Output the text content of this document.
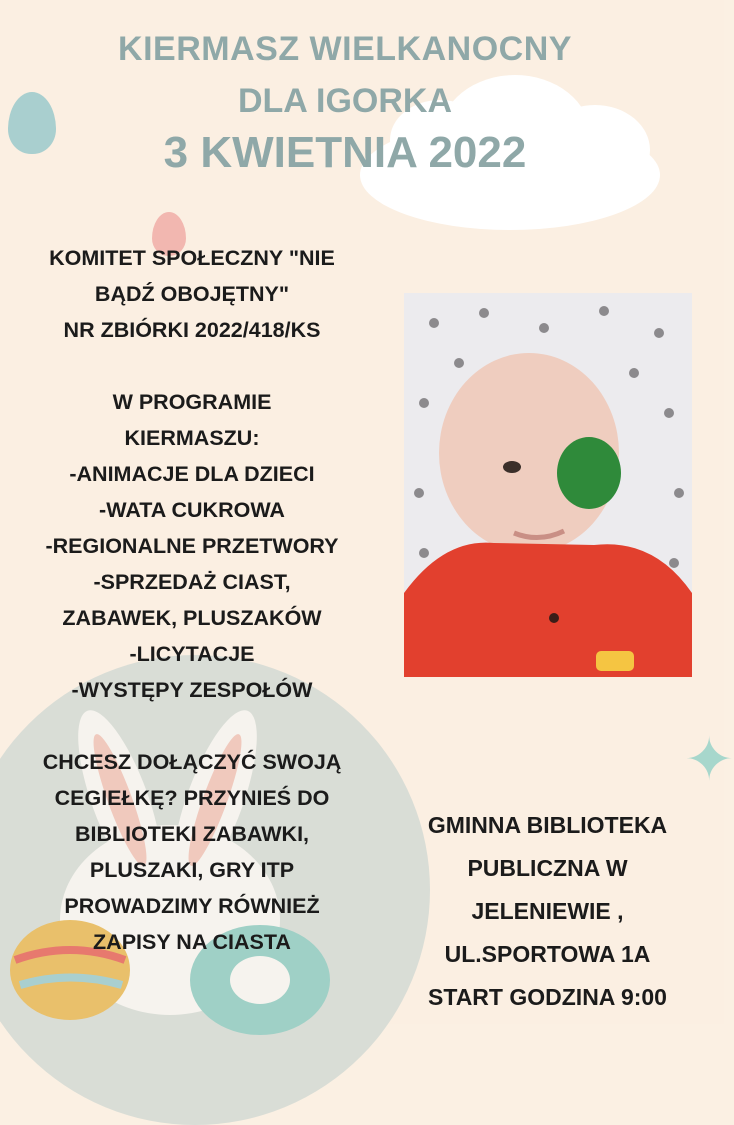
✦
KIERMASZ WIELKANOCNY
DLA IGORKA
3 KWIETNIA 2022
KOMITET SPOŁECZNY "NIE
BĄDŹ OBOJĘTNY"
NR ZBIÓRKI 2022/418/KS
W PROGRAMIE
KIERMASZU:
-ANIMACJE DLA DZIECI
-WATA CUKROWA
-REGIONALNE PRZETWORY
-SPRZEDAŻ CIAST,
ZABAWEK, PLUSZAKÓW
-LICYTACJE
-WYSTĘPY ZESPOŁÓW
CHCESZ DOŁĄCZYĆ SWOJĄ
CEGIEŁKĘ? PRZYNIEŚ DO
BIBLIOTEKI ZABAWKI,
PLUSZAKI, GRY ITP
PROWADZIMY RÓWNIEŻ
ZAPISY NA CIASTA
GMINNA BIBLIOTEKA
PUBLICZNA W
JELENIEWIE ,
UL.SPORTOWA 1A
START GODZINA 9:00
